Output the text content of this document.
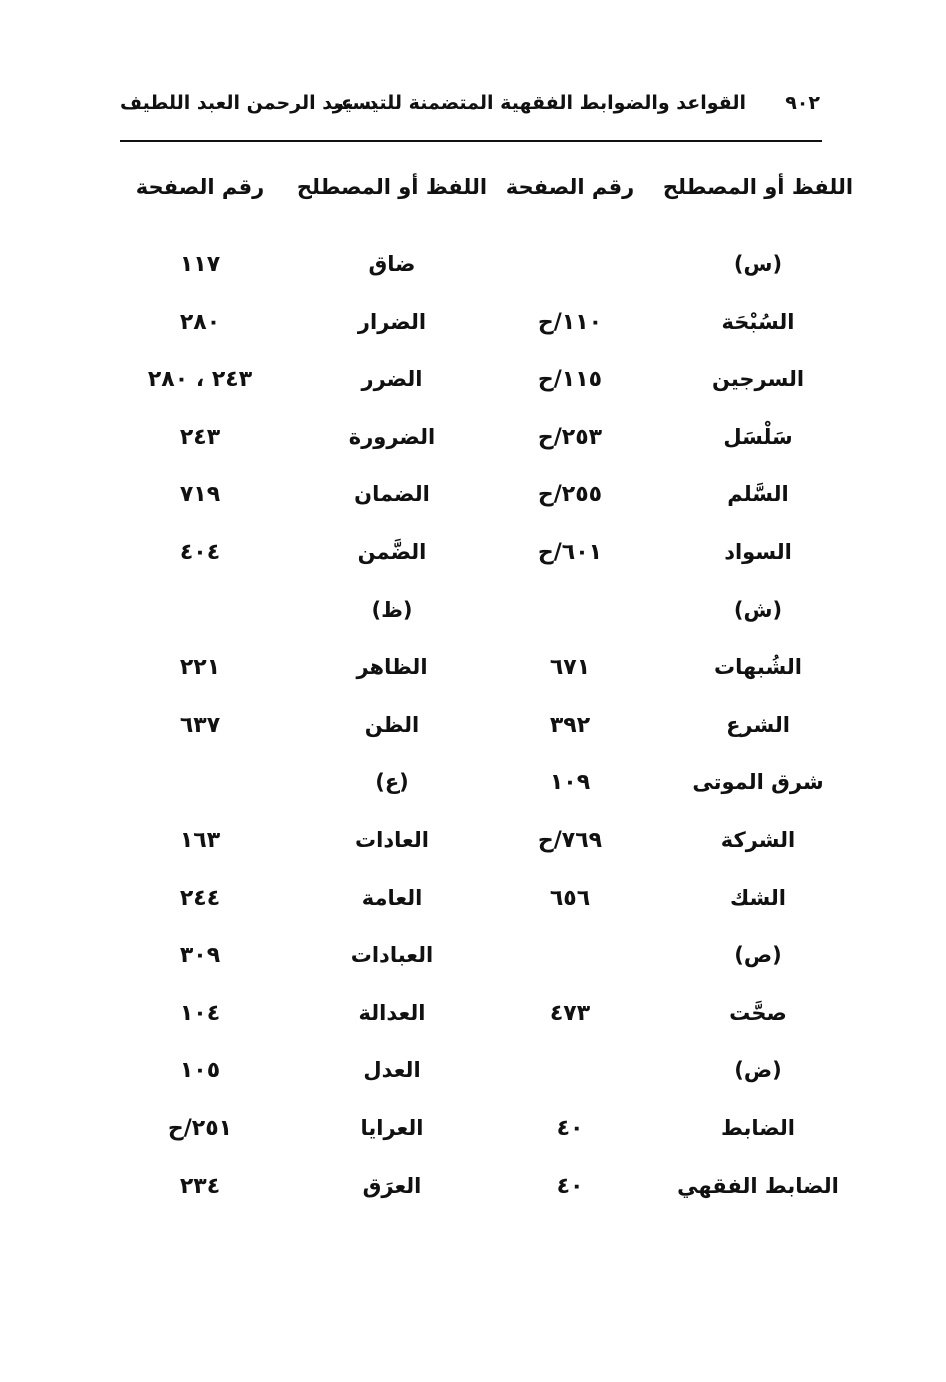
٩٠٢
القواعد والضوابط الفقهية المتضمنة للتيسير
د. عبد الرحمن العبد اللطيف
اللفظ أو المصطلح
رقم الصفحة
اللفظ أو المصطلح
رقم الصفحة
(س)
ضاق
١١٧
السُبْحَة
١١٠/ح
الضرار
٢٨٠
السرجين
١١٥/ح
الضرر
٢٤٣ ، ٢٨٠
سَلْسَل
٢٥٣/ح
الضرورة
٢٤٣
السَّلم
٢٥٥/ح
الضمان
٧١٩
السواد
٦٠١/ح
الضَّمن
٤٠٤
(ش)
(ظ)
الشُبهات
٦٧١
الظاهر
٢٢١
الشرع
٣٩٢
الظن
٦٣٧
شرق الموتى
١٠٩
(ع)
الشركة
٧٦٩/ح
العادات
١٦٣
الشك
٦٥٦
العامة
٢٤٤
(ص)
العبادات
٣٠٩
صحَّت
٤٧٣
العدالة
١٠٤
(ض)
العدل
١٠٥
الضابط
٤٠
العرايا
٢٥١/ح
الضابط الفقهي
٤٠
العرَق
٢٣٤
